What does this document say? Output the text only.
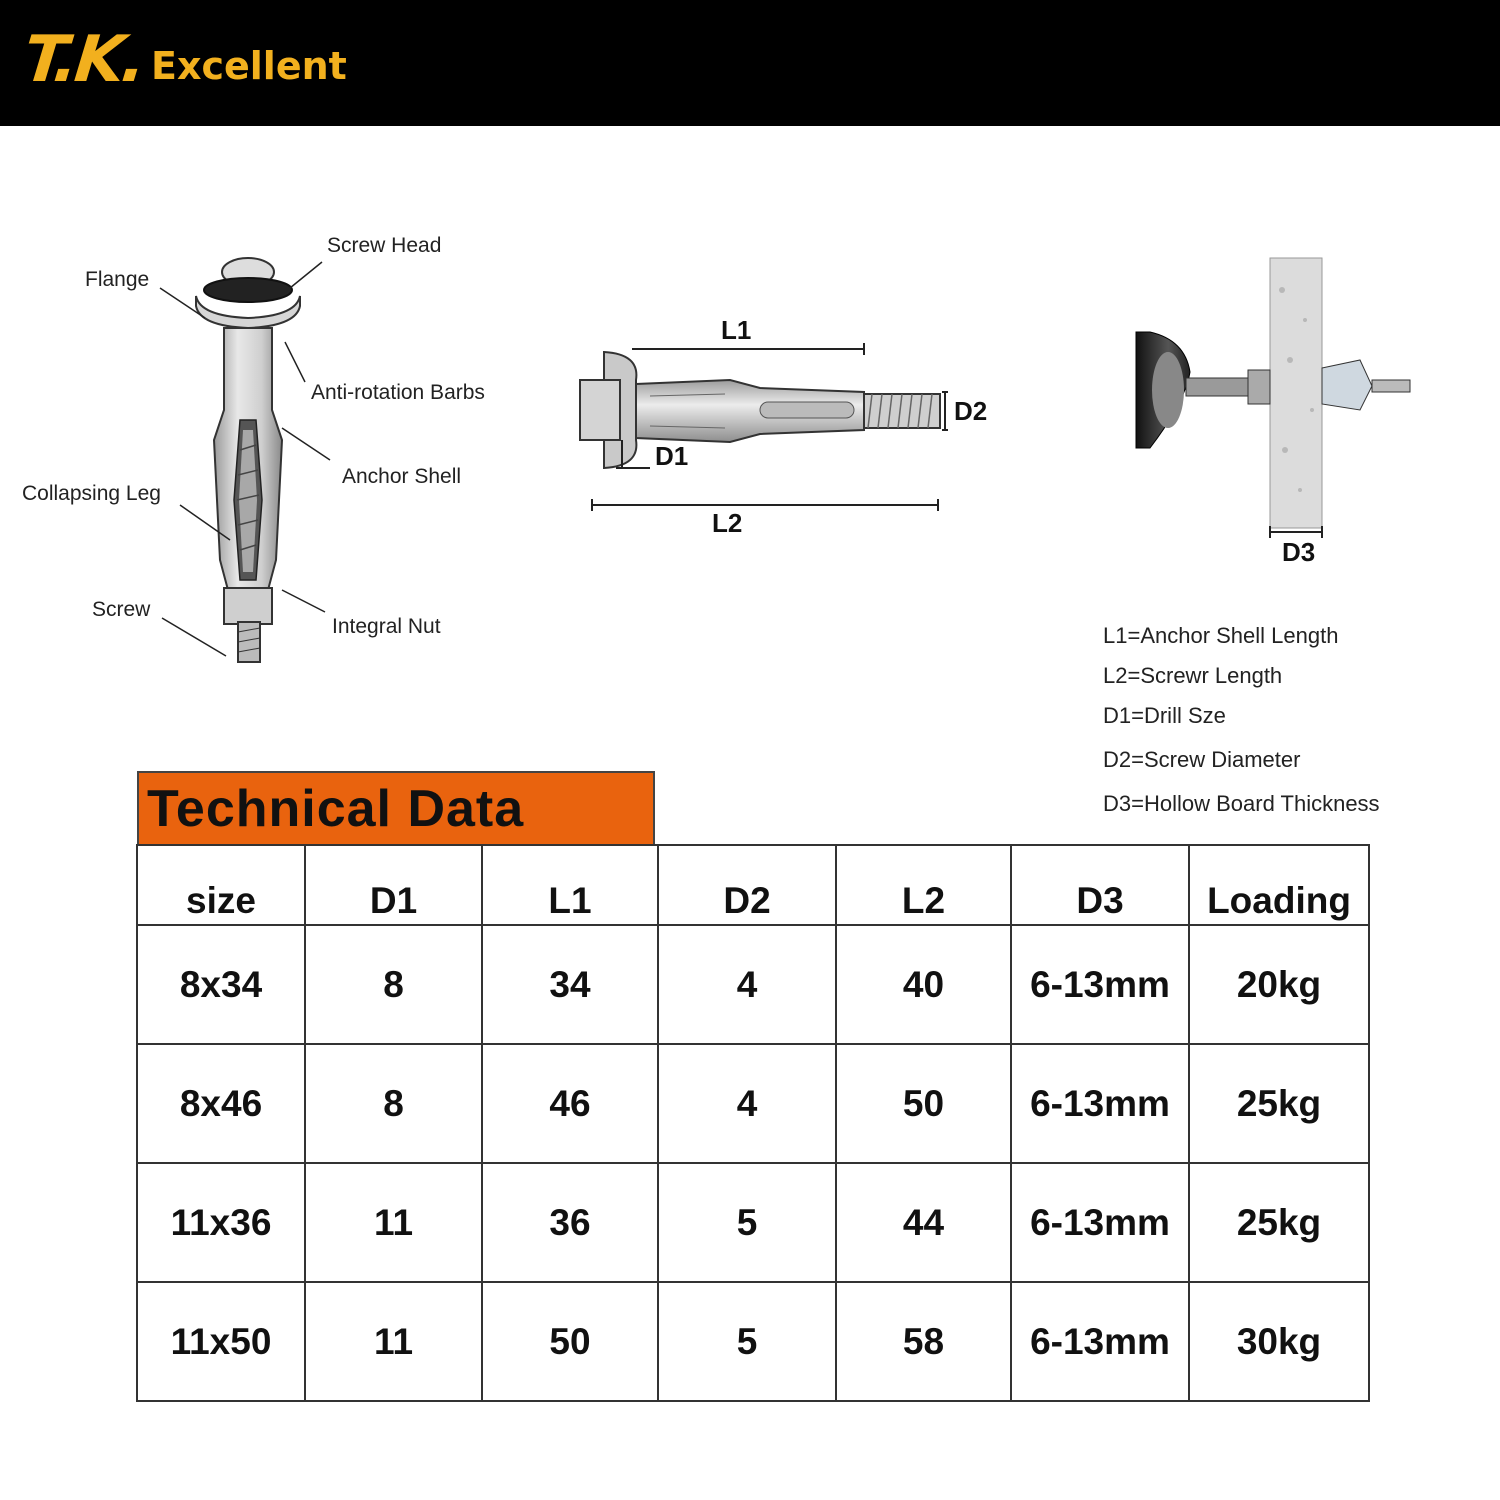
T.K. Excellent
Screw Head
Flange
Anti-rotation Barbs
Anchor Shell
Collapsing Leg
Screw
Integral Nut
L1
D2
D1
L2
D3
L1=Anchor Shell Length
L2=Screwr Length
D1=Drill Sze
D2=Screw Diameter
D3=Hollow Board Thickness
Technical Data
size	D1	L1	D2	L2	D3	Loading
8x34	8	34	4	40	6-13mm	20kg
8x46	8	46	4	50	6-13mm	25kg
11x36	11	36	5	44	6-13mm	25kg
11x50	11	50	5	58	6-13mm	30kg
